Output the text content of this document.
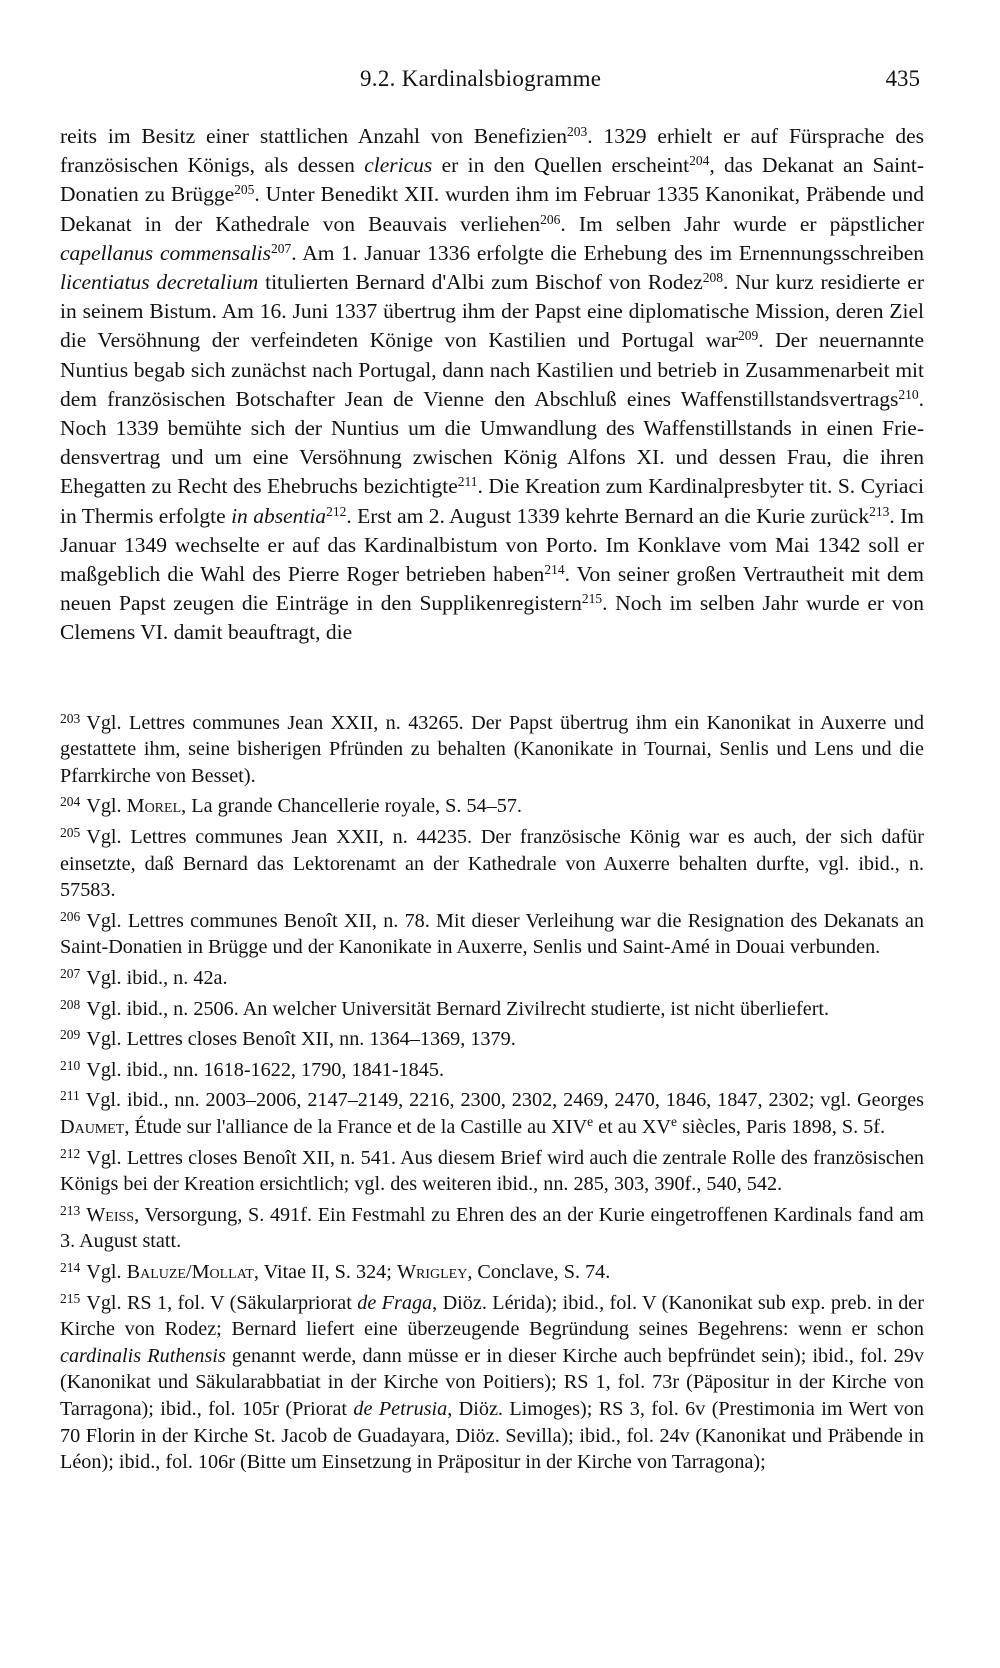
9.2. Kardinalsbiogramme	435

reits im Besitz einer stattlichen Anzahl von Benefizien$^{203}$. 1329 erhielt er auf Fürsprache des französischen Königs, als dessen clericus er in den Quellen erscheint$^{204}$, das Dekanat an Saint-Donatien zu Brügge$^{205}$. Unter Benedikt XII. wurden ihm im Februar 1335 Kanonikat, Präbende und Dekanat in der Kathedrale von Beauvais verliehen$^{206}$. Im selben Jahr wurde er päpstlicher capellanus commensalis$^{207}$. Am 1. Januar 1336 erfolgte die Erhebung des im Ernennungsschreiben licentiatus decretalium titulierten Bernard d'Albi zum Bischof von Rodez$^{208}$. Nur kurz residierte er in seinem Bistum. Am 16. Juni 1337 übertrug ihm der Papst eine diplomatische Mission, deren Ziel die Versöhnung der verfeindeten Könige von Kastilien und Portugal war$^{209}$. Der neuernannte Nuntius begab sich zunächst nach Portugal, dann nach Kastilien und betrieb in Zusammenarbeit mit dem französischen Botschafter Jean de Vienne den Abschluß eines Waffenstillstandsvertrags$^{210}$. Noch 1339 bemühte sich der Nuntius um die Umwandlung des Waffenstillstands in einen Friedensvertrag und um eine Versöhnung zwischen König Alfons XI. und dessen Frau, die ihren Ehegatten zu Recht des Ehebruchs bezichtigte$^{211}$. Die Kreation zum Kardinalpresbyter tit. S. Cyriaci in Thermis erfolgte in absentia$^{212}$. Erst am 2. August 1339 kehrte Bernard an die Kurie zurück$^{213}$. Im Januar 1349 wechselte er auf das Kardinalbistum von Porto. Im Konklave vom Mai 1342 soll er maßgeblich die Wahl des Pierre Roger betrieben haben$^{214}$. Von seiner großen Vertrautheit mit dem neuen Papst zeugen die Einträge in den Supplikenregistern$^{215}$. Noch im selben Jahr wurde er von Clemens VI. damit beauftragt, die

$^{203}$ Vgl. Lettres communes Jean XXII, n. 43265. Der Papst übertrug ihm ein Kanonikat in Auxerre und gestattete ihm, seine bisherigen Pfründen zu behalten (Kanonikate in Tournai, Senlis und Lens und die Pfarrkirche von Besset).

$^{204}$ Vgl. Morel, La grande Chancellerie royale, S. 54–57.

$^{205}$ Vgl. Lettres communes Jean XXII, n. 44235. Der französische König war es auch, der sich dafür einsetzte, daß Bernard das Lektorenamt an der Kathedrale von Auxerre behalten durfte, vgl. ibid., n. 57583.

$^{206}$ Vgl. Lettres communes Benoît XII, n. 78. Mit dieser Verleihung war die Resignation des Dekanats an Saint-Donatien in Brügge und der Kanonikate in Auxerre, Senlis und Saint-Amé in Douai verbunden.

$^{207}$ Vgl. ibid., n. 42a.

$^{208}$ Vgl. ibid., n. 2506. An welcher Universität Bernard Zivilrecht studierte, ist nicht überliefert.

$^{209}$ Vgl. Lettres closes Benoît XII, nn. 1364–1369, 1379.

$^{210}$ Vgl. ibid., nn. 1618-1622, 1790, 1841-1845.

$^{211}$ Vgl. ibid., nn. 2003–2006, 2147–2149, 2216, 2300, 2302, 2469, 2470, 1846, 1847, 2302; vgl. Georges Daumet, Étude sur l'alliance de la France et de la Castille au XIVe et au XVe siècles, Paris 1898, S. 5f.

$^{212}$ Vgl. Lettres closes Benoît XII, n. 541. Aus diesem Brief wird auch die zentrale Rolle des französischen Königs bei der Kreation ersichtlich; vgl. des weiteren ibid., nn. 285, 303, 390f., 540, 542.

$^{213}$ Weiss, Versorgung, S. 491f. Ein Festmahl zu Ehren des an der Kurie eingetroffenen Kardinals fand am 3. August statt.

$^{214}$ Vgl. Baluze/Mollat, Vitae II, S. 324; Wrigley, Conclave, S. 74.

$^{215}$ Vgl. RS 1, fol. V (Säkularpriorat de Fraga, Diöz. Lérida); ibid., fol. V (Kanonikat sub exp. preb. in der Kirche von Rodez; Bernard liefert eine überzeugende Begründung seines Begehrens: wenn er schon cardinalis Ruthensis genannt werde, dann müsse er in dieser Kirche auch bepfründet sein); ibid., fol. 29v (Kanonikat und Säkularabbatiat in der Kirche von Poitiers); RS 1, fol. 73r (Päpositur in der Kirche von Tarragona); ibid., fol. 105r (Priorat de Petrusia, Diöz. Limoges); RS 3, fol. 6v (Prestimonia im Wert von 70 Florin in der Kirche St. Jacob de Guadayara, Diöz. Sevilla); ibid., fol. 24v (Kanonikat und Präbende in Léon); ibid., fol. 106r (Bitte um Einsetzung in Präpositur in der Kirche von Tarragona);
